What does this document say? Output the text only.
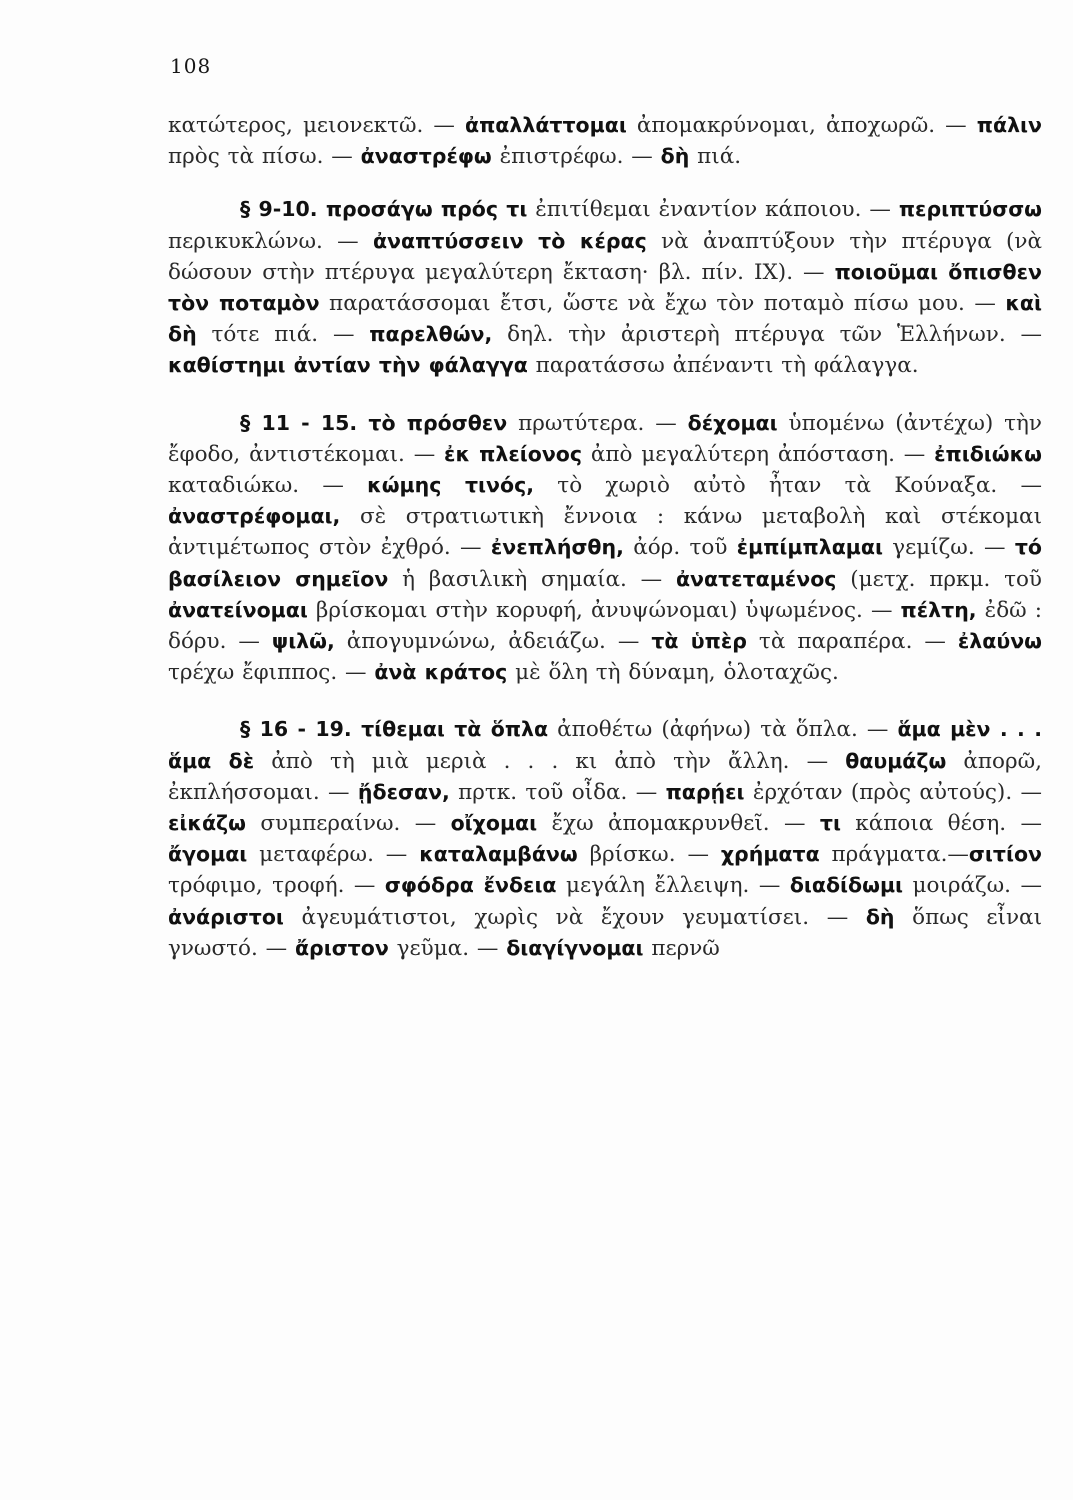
108

κατώτερος, μειονεκτῶ. — ἀπαλλάττομαι ἀπομακρύνομαι, ἀποχωρῶ. — πάλιν πρὸς τὰ πίσω. — ἀναστρέφω ἐπιστρέφω. — δὴ πιά.

§ 9-10. προσάγω πρός τι ἐπιτίθεμαι ἐναντίον κάποιου. — περιπτύσσω περικυκλώνω. — ἀναπτύσσειν τὸ κέρας νὰ ἀναπτύξουν τὴν πτέρυγα (νὰ δώσουν στὴν πτέρυγα μεγαλύτερη ἔκταση· βλ. πίν. IX). — ποιοῦμαι ὄπισθεν τὸν ποταμὸν παρατάσσομαι ἔτσι, ὥστε νὰ ἔχω τὸν ποταμὸ πίσω μου. — καὶ δὴ τότε πιά. — παρελθών, δηλ. τὴν ἀριστερὴ πτέρυγα τῶν Ἑλλήνων. — καθίστημι ἀντίαν τὴν φάλαγγα παρατάσσω ἀπέναντι τὴ φάλαγγα.

§ 11 - 15. τὸ πρόσθεν πρωτύτερα. — δέχομαι ὑπομένω (ἀντέχω) τὴν ἔφοδο, ἀντιστέκομαι. — ἐκ πλείονος ἀπὸ μεγαλύτερη ἀπόσταση. — ἐπιδιώκω καταδιώκω. — κώμης τινός, τὸ χωριὸ αὐτὸ ἦταν τὰ Κούναξα. — ἀναστρέφομαι, σὲ στρατιωτικὴ ἔννοια : κάνω μεταβολὴ καὶ στέκομαι ἀντιμέτωπος στὸν ἐχθρό. — ἐνεπλήσθη, ἀόρ. τοῦ ἐμπίμπλαμαι γεμίζω. — τό βασίλειον σημεῖον ἡ βασιλικὴ σημαία. — ἀνατεταμένος (μετχ. πρκμ. τοῦ ἀνατείνομαι βρίσκομαι στὴν κορυφή, ἀνυψώνομαι) ὑψωμένος. — πέλτη, ἐδῶ : δόρυ. — ψιλῶ, ἀπογυμνώνω, ἀδειάζω. — τὰ ὑπὲρ τὰ παραπέρα. — ἐλαύνω τρέχω ἔφιππος. — ἀνὰ κράτος μὲ ὅλη τὴ δύναμη, ὁλοταχῶς.

§ 16 - 19. τίθεμαι τὰ ὅπλα ἀποθέτω (ἀφήνω) τὰ ὅπλα. — ἅμα μὲν . . . ἅμα δὲ ἀπὸ τὴ μιὰ μεριὰ . . . κι ἀπὸ τὴν ἄλλη. — θαυμάζω ἀπορῶ, ἐκπλήσσομαι. — ᾔδεσαν, πρτκ. τοῦ οἶδα. — παρῄει ἐρχόταν (πρὸς αὐτούς). — εἰκάζω συμπεραίνω. — οἴχομαι ἔχω ἀπομακρυνθεῖ. — τι κάποια θέση. — ἄγομαι μεταφέρω. — καταλαμβάνω βρίσκω. — χρήματα πράγματα.—σιτίον τρόφιμο, τροφή. — σφόδρα ἔνδεια μεγάλη ἔλλειψη. — διαδίδωμι μοιράζω. — ἀνάριστοι ἀγευμάτιστοι, χωρὶς νὰ ἔχουν γευματίσει. — δὴ ὅπως εἶναι γνωστό. — ἄριστον γεῦμα. — διαγίγνομαι περνῶ
